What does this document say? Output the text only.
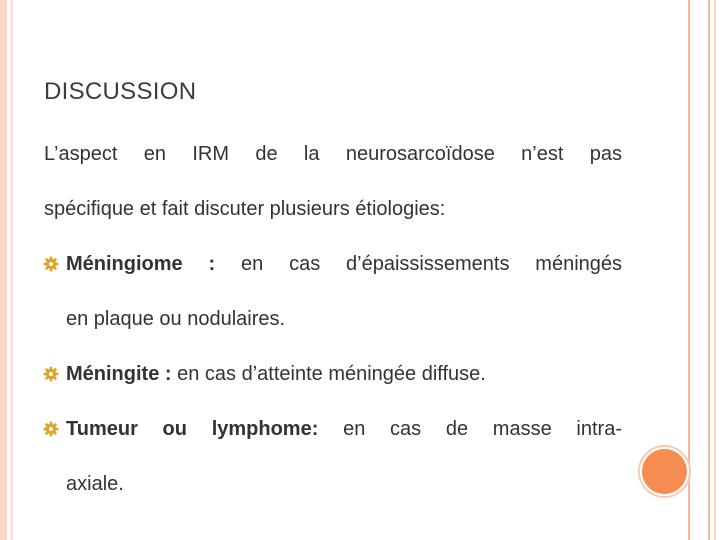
DISCUSSION
L’aspect en IRM de la neurosarcoïdose n’est pas
spécifique et fait discuter plusieurs étiologies:
Méningiome : en cas d’épaississements méningés
en plaque ou nodulaires.
Méningite : en cas d’atteinte méningée diffuse.
Tumeur ou lymphome: en cas de masse intra-
axiale.
